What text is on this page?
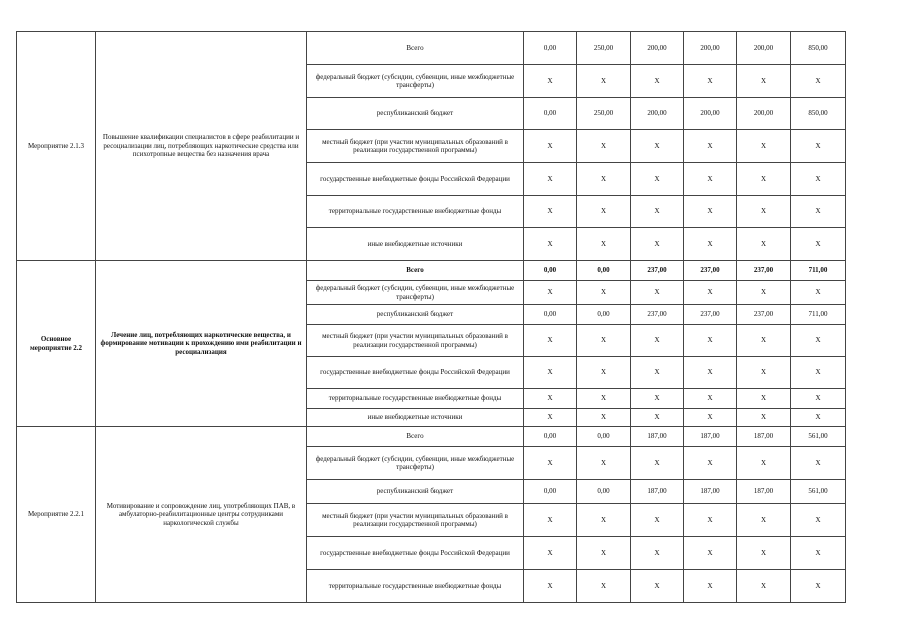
Мероприятие 2.1.3	Повышение квалификации специалистов в сфере реабилитации и ресоциализации лиц, потребляющих наркотические средства или психотропные вещества без назначения врача	Всего	0,00	250,00	200,00	200,00	200,00	850,00
		федеральный бюджет (субсидии, субвенции, иные межбюджетные трансферты)	X	X	X	X	X	X
		республиканский бюджет	0,00	250,00	200,00	200,00	200,00	850,00
		местный бюджет (при участии муниципальных образований в реализации государственной программы)	X	X	X	X	X	X
		государственные внебюджетные фонды Российской Федерации	X	X	X	X	X	X
		территориальные государственные внебюджетные фонды	X	X	X	X	X	X
		иные внебюджетные источники	X	X	X	X	X	X
Основное мероприятие 2.2	Лечение лиц, потребляющих наркотические вещества, и формирование мотивации к прохождению ими реабилитации и ресоциализация	Всего	0,00	0,00	237,00	237,00	237,00	711,00
		федеральный бюджет (субсидии, субвенции, иные межбюджетные трансферты)	X	X	X	X	X	X
		республиканский бюджет	0,00	0,00	237,00	237,00	237,00	711,00
		местный бюджет (при участии муниципальных образований в реализации государственной программы)	X	X	X	X	X	X
		государственные внебюджетные фонды Российской Федерации	X	X	X	X	X	X
		территориальные государственные внебюджетные фонды	X	X	X	X	X	X
		иные внебюджетные источники	X	X	X	X	X	X
Мероприятие 2.2.1	Мотивирование и сопровождение лиц, употребляющих ПАВ, в амбулаторно-реабилитационные центры сотрудниками наркологической службы	Всего	0,00	0,00	187,00	187,00	187,00	561,00
		федеральный бюджет (субсидии, субвенции, иные межбюджетные трансферты)	X	X	X	X	X	X
		республиканский бюджет	0,00	0,00	187,00	187,00	187,00	561,00
		местный бюджет (при участии муниципальных образований в реализации государственной программы)	X	X	X	X	X	X
		государственные внебюджетные фонды Российской Федерации	X	X	X	X	X	X
		территориальные государственные внебюджетные фонды	X	X	X	X	X	X
